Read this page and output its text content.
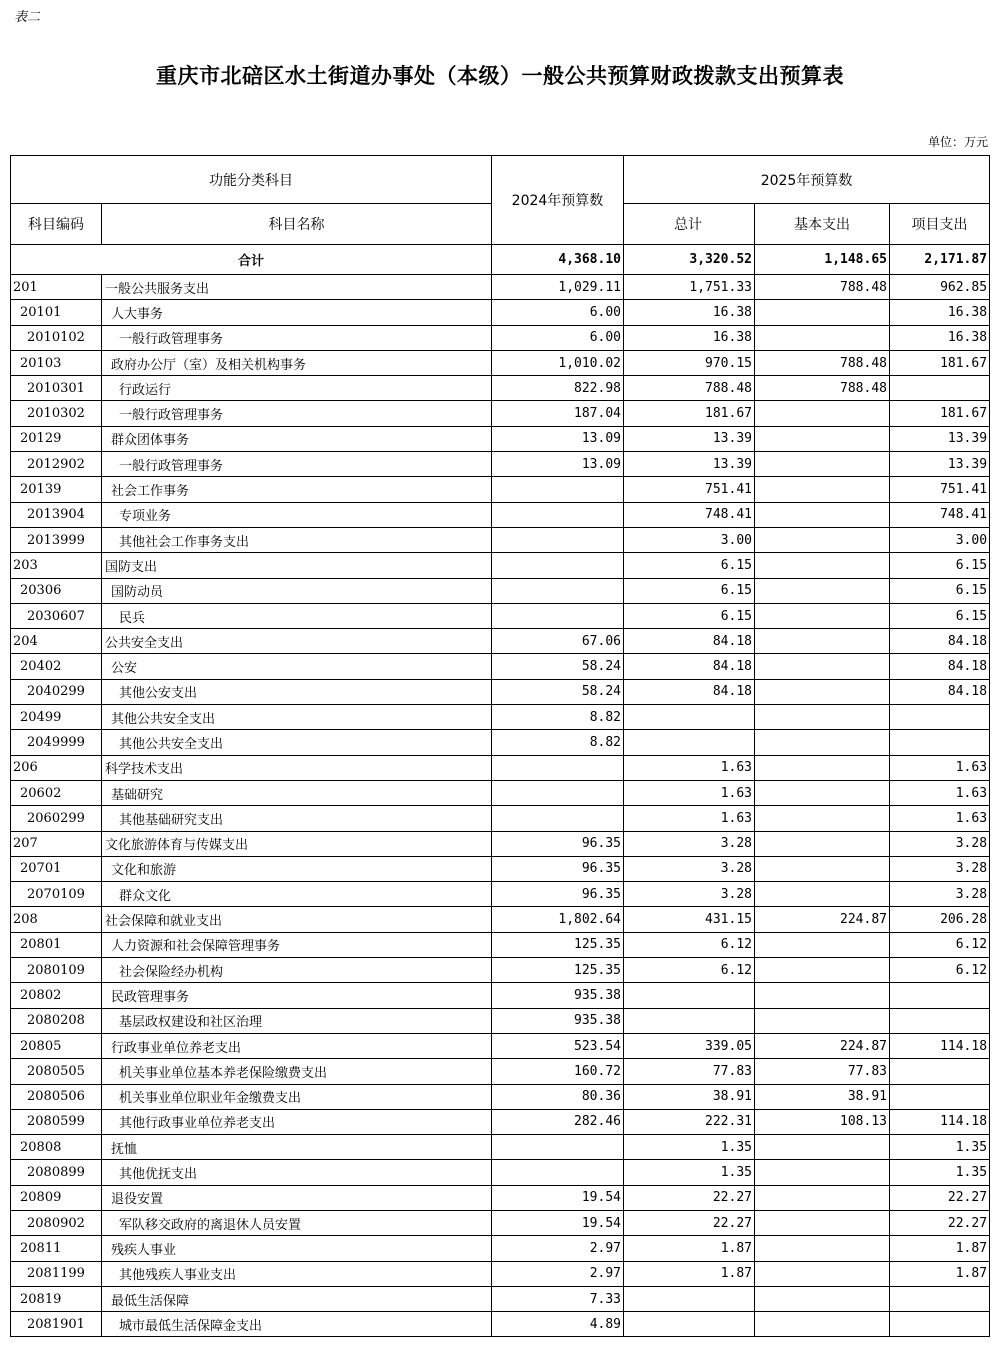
表二
重庆市北碚区水土街道办事处（本级）一般公共预算财政拨款支出预算表
单位：万元
功能分类科目		2024年预算数	2025年预算数		
科目编码	科目名称		总计	基本支出	项目支出
合计		4,368.10	3,320.52	1,148.65	2,171.87
201	一般公共服务支出	1,029.11	1,751.33	788.48	962.85
20101	人大事务	6.00	16.38		16.38
2010102	一般行政管理事务	6.00	16.38		16.38
20103	政府办公厅（室）及相关机构事务	1,010.02	970.15	788.48	181.67
2010301	行政运行	822.98	788.48	788.48	
2010302	一般行政管理事务	187.04	181.67		181.67
20129	群众团体事务	13.09	13.39		13.39
2012902	一般行政管理事务	13.09	13.39		13.39
20139	社会工作事务		751.41		751.41
2013904	专项业务		748.41		748.41
2013999	其他社会工作事务支出		3.00		3.00
203	国防支出		6.15		6.15
20306	国防动员		6.15		6.15
2030607	民兵		6.15		6.15
204	公共安全支出	67.06	84.18		84.18
20402	公安	58.24	84.18		84.18
2040299	其他公安支出	58.24	84.18		84.18
20499	其他公共安全支出	8.82			
2049999	其他公共安全支出	8.82			
206	科学技术支出		1.63		1.63
20602	基础研究		1.63		1.63
2060299	其他基础研究支出		1.63		1.63
207	文化旅游体育与传媒支出	96.35	3.28		3.28
20701	文化和旅游	96.35	3.28		3.28
2070109	群众文化	96.35	3.28		3.28
208	社会保障和就业支出	1,802.64	431.15	224.87	206.28
20801	人力资源和社会保障管理事务	125.35	6.12		6.12
2080109	社会保险经办机构	125.35	6.12		6.12
20802	民政管理事务	935.38			
2080208	基层政权建设和社区治理	935.38			
20805	行政事业单位养老支出	523.54	339.05	224.87	114.18
2080505	机关事业单位基本养老保险缴费支出	160.72	77.83	77.83	
2080506	机关事业单位职业年金缴费支出	80.36	38.91	38.91	
2080599	其他行政事业单位养老支出	282.46	222.31	108.13	114.18
20808	抚恤		1.35		1.35
2080899	其他优抚支出		1.35		1.35
20809	退役安置	19.54	22.27		22.27
2080902	军队移交政府的离退休人员安置	19.54	22.27		22.27
20811	残疾人事业	2.97	1.87		1.87
2081199	其他残疾人事业支出	2.97	1.87		1.87
20819	最低生活保障	7.33			
2081901	城市最低生活保障金支出	4.89			
